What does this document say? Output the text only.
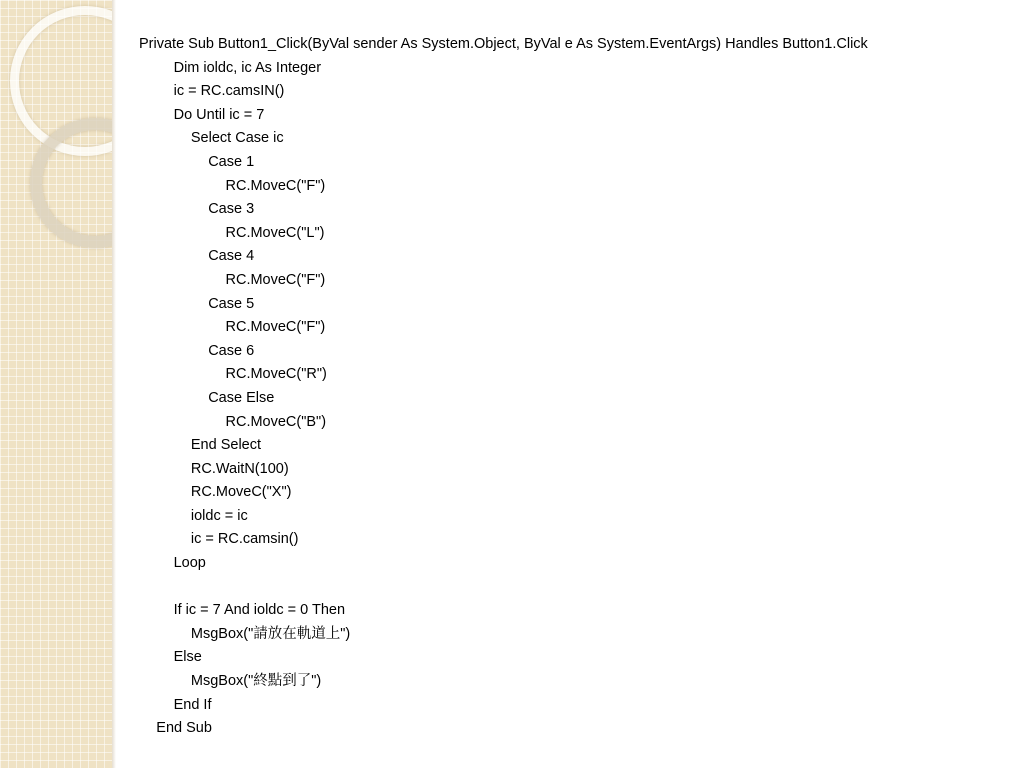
Private Sub Button1_Click(ByVal sender As System.Object, ByVal e As System.EventArgs) Handles Button1.Click
Dim ioldc, ic As Integer
ic = RC.camsIN()
Do Until ic = 7
Select Case ic
Case 1
RC.MoveC("F")
Case 3
RC.MoveC("L")
Case 4
RC.MoveC("F")
Case 5
RC.MoveC("F")
Case 6
RC.MoveC("R")
Case Else
RC.MoveC("B")
End Select
RC.WaitN(100)
RC.MoveC("X")
ioldc = ic
ic = RC.camsin()
Loop
If ic = 7 And ioldc = 0 Then
MsgBox("請放在軌道上")
Else
MsgBox("終點到了")
End If
End Sub
